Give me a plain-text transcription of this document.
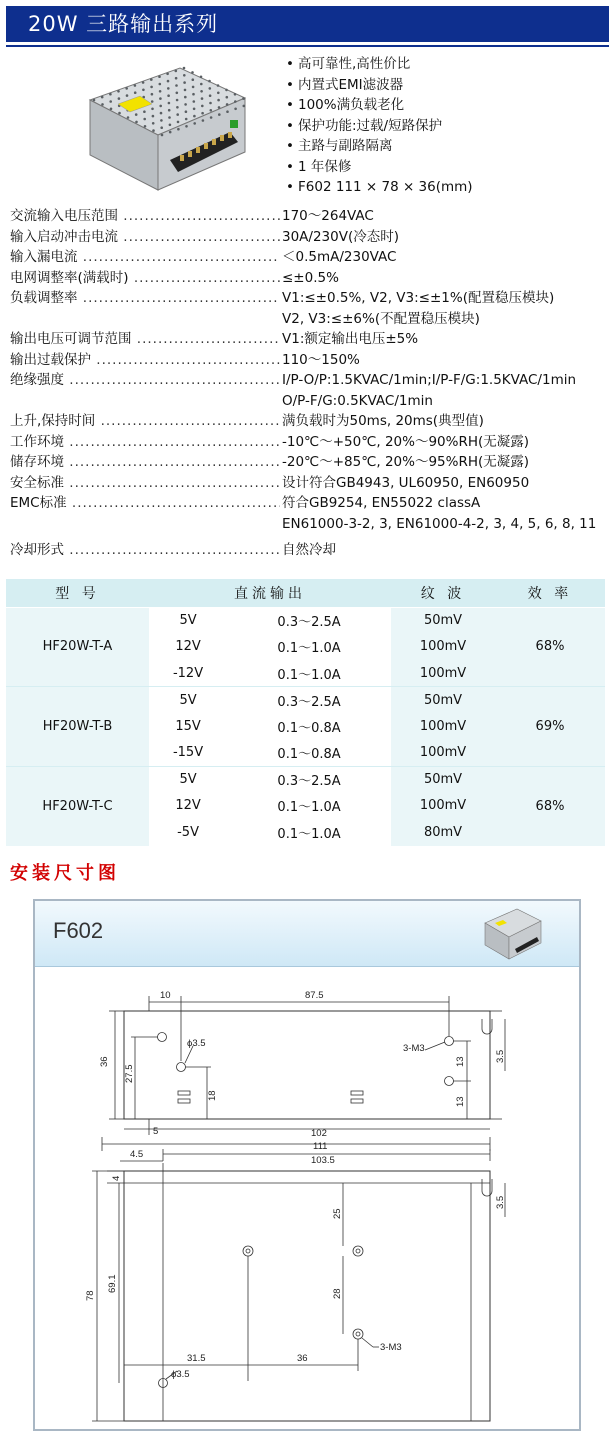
20W 三路输出系列
• 高可靠性,高性价比
• 内置式EMI滤波器
• 100%满负载老化
• 保护功能:过载/短路保护
• 主路与副路隔离
• 1 年保修
• F602 111 × 78 × 36(mm)
交流输入电压范围 .....	170～264VAC
输入启动冲击电流 .....	30A/230V(冷态时)
输入漏电流 .....	＜0.5mA/230VAC
电网调整率(满载时) .....	≤±0.5%
负载调整率 .....	V1:≤±0.5%, V2, V3:≤±1%(配置稳压模块)
V2, V3:≤±6%(不配置稳压模块)
输出电压可调节范围 .....	V1:额定输出电压±5%
输出过载保护 .....	110～150%
绝缘强度 .....	I/P-O/P:1.5KVAC/1min;I/P-F/G:1.5KVAC/1min
O/P-F/G:0.5KVAC/1min
上升,保持时间 .....	满负载时为50ms, 20ms(典型值)
工作环境 .....	-10℃～+50℃, 20%～90%RH(无凝露)
储存环境 .....	-20℃～+85℃, 20%～95%RH(无凝露)
安全标准 .....	设计符合GB4943, UL60950, EN60950
EMC标准 .....	符合GB9254, EN55022 classA
EN61000-3-2, 3, EN61000-4-2, 3, 4, 5, 6, 8, 11
冷却形式 .....	自然冷却
型 号	直流输出		纹 波	效 率
HF20W-T-A	5V	0.3～2.5A	50mV	68%
	12V	0.1～1.0A	100mV	
	-12V	0.1～1.0A	100mV	
HF20W-T-B	5V	0.3～2.5A	50mV	69%
	15V	0.1～0.8A	100mV	
	-15V	0.1～0.8A	100mV	
HF20W-T-C	5V	0.3～2.5A	50mV	68%
	12V	0.1～1.0A	100mV	
	-5V	0.1～1.0A	80mV	
安装尺寸图
F602
10	87.5
ϕ3.5	3-M3
36
27.5
18
13
13
3.5
5	102
111
4.5
103.5
4
3.5
25
28
3-M3
78
69.1
31.5	36
ϕ3.5
